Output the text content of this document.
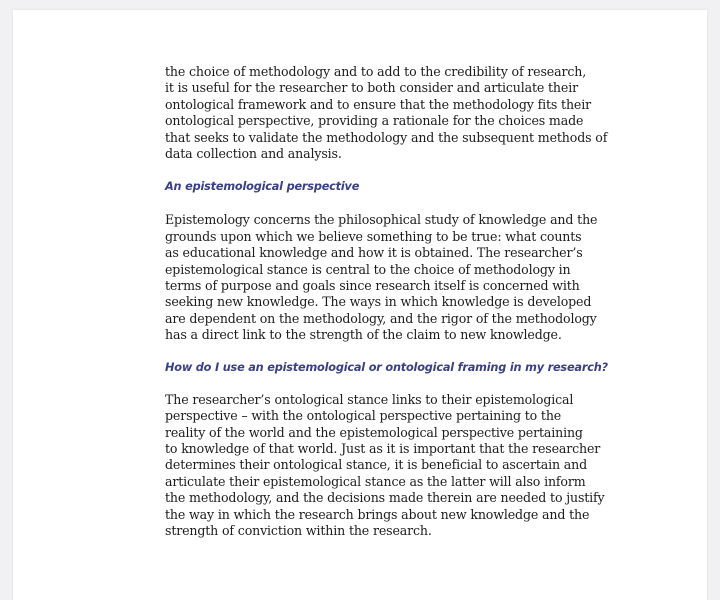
the choice of methodology and to add to the credibility of research,
it is useful for the researcher to both consider and articulate their
ontological framework and to ensure that the methodology fits their
ontological perspective, providing a rationale for the choices made
that seeks to validate the methodology and the subsequent methods of
data collection and analysis.

An epistemological perspective

Epistemology concerns the philosophical study of knowledge and the
grounds upon which we believe something to be true: what counts
as educational knowledge and how it is obtained. The researcher’s
epistemological stance is central to the choice of methodology in
terms of purpose and goals since research itself is concerned with
seeking new knowledge. The ways in which knowledge is developed
are dependent on the methodology, and the rigor of the methodology
has a direct link to the strength of the claim to new knowledge.

How do I use an epistemological or ontological framing in my research?

The researcher’s ontological stance links to their epistemological
perspective – with the ontological perspective pertaining to the
reality of the world and the epistemological perspective pertaining
to knowledge of that world. Just as it is important that the researcher
determines their ontological stance, it is beneficial to ascertain and
articulate their epistemological stance as the latter will also inform
the methodology, and the decisions made therein are needed to justify
the way in which the research brings about new knowledge and the
strength of conviction within the research.
